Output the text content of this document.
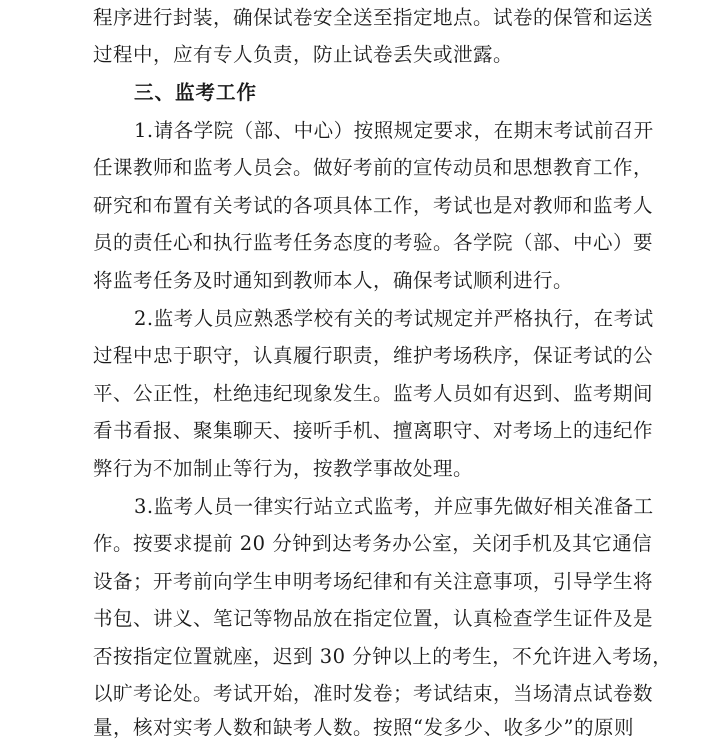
程序进行封装，确保试卷安全送至指定地点。试卷的保管和运送
过程中，应有专人负责，防止试卷丢失或泄露。
三、监考工作
1.请各学院（部、中心）按照规定要求，在期末考试前召开
任课教师和监考人员会。做好考前的宣传动员和思想教育工作，
研究和布置有关考试的各项具体工作，考试也是对教师和监考人
员的责任心和执行监考任务态度的考验。各学院（部、中心）要
将监考任务及时通知到教师本人，确保考试顺利进行。
2.监考人员应熟悉学校有关的考试规定并严格执行，在考试
过程中忠于职守，认真履行职责，维护考场秩序，保证考试的公
平、公正性，杜绝违纪现象发生。监考人员如有迟到、监考期间
看书看报、聚集聊天、接听手机、擅离职守、对考场上的违纪作
弊行为不加制止等行为，按教学事故处理。
3.监考人员一律实行站立式监考，并应事先做好相关准备工
作。按要求提前 20 分钟到达考务办公室，关闭手机及其它通信
设备；开考前向学生申明考场纪律和有关注意事项，引导学生将
书包、讲义、笔记等物品放在指定位置，认真检查学生证件及是
否按指定位置就座，迟到 30 分钟以上的考生，不允许进入考场，
以旷考论处。考试开始，准时发卷；考试结束，当场清点试卷数
量，核对实考人数和缺考人数。按照“发多少、收多少”的原则
